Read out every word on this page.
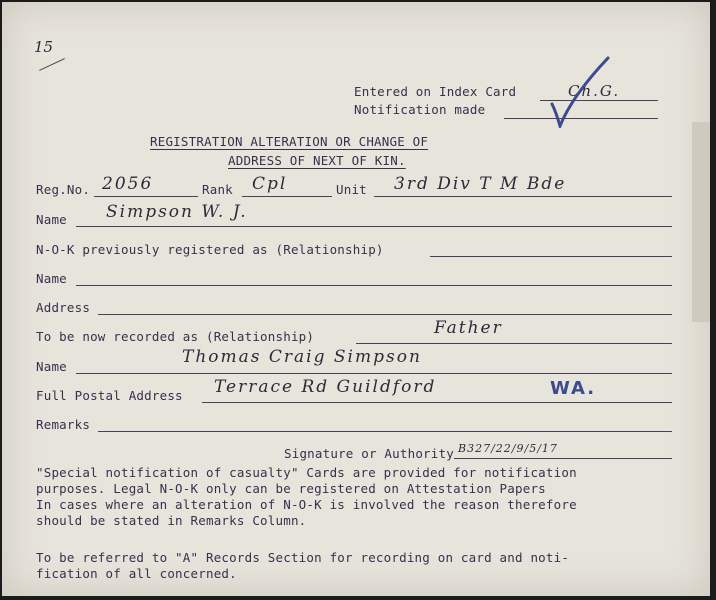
15
Entered on Index Card	Ch.G.
Notification made
REGISTRATION ALTERATION OR CHANGE OF
ADDRESS OF NEXT OF KIN.
Reg.No. 2056	Rank Cpl	Unit 3rd Div T M Bde
Name Simpson W. J.
N-O-K previously registered as (Relationship)
Name
Address
To be now recorded as (Relationship)	Father
Name	Thomas Craig Simpson
Full Postal Address Terrace Rd Guildford	WA.
Remarks
Signature or Authority B327/22/9/5/17
"Special notification of casualty" Cards are provided for notification
purposes. Legal N-O-K only can be registered on Attestation Papers
In cases where an alteration of N-O-K is involved the reason therefore
should be stated in Remarks Column.
To be referred to "A" Records Section for recording on card and noti-
fication of all concerned.
